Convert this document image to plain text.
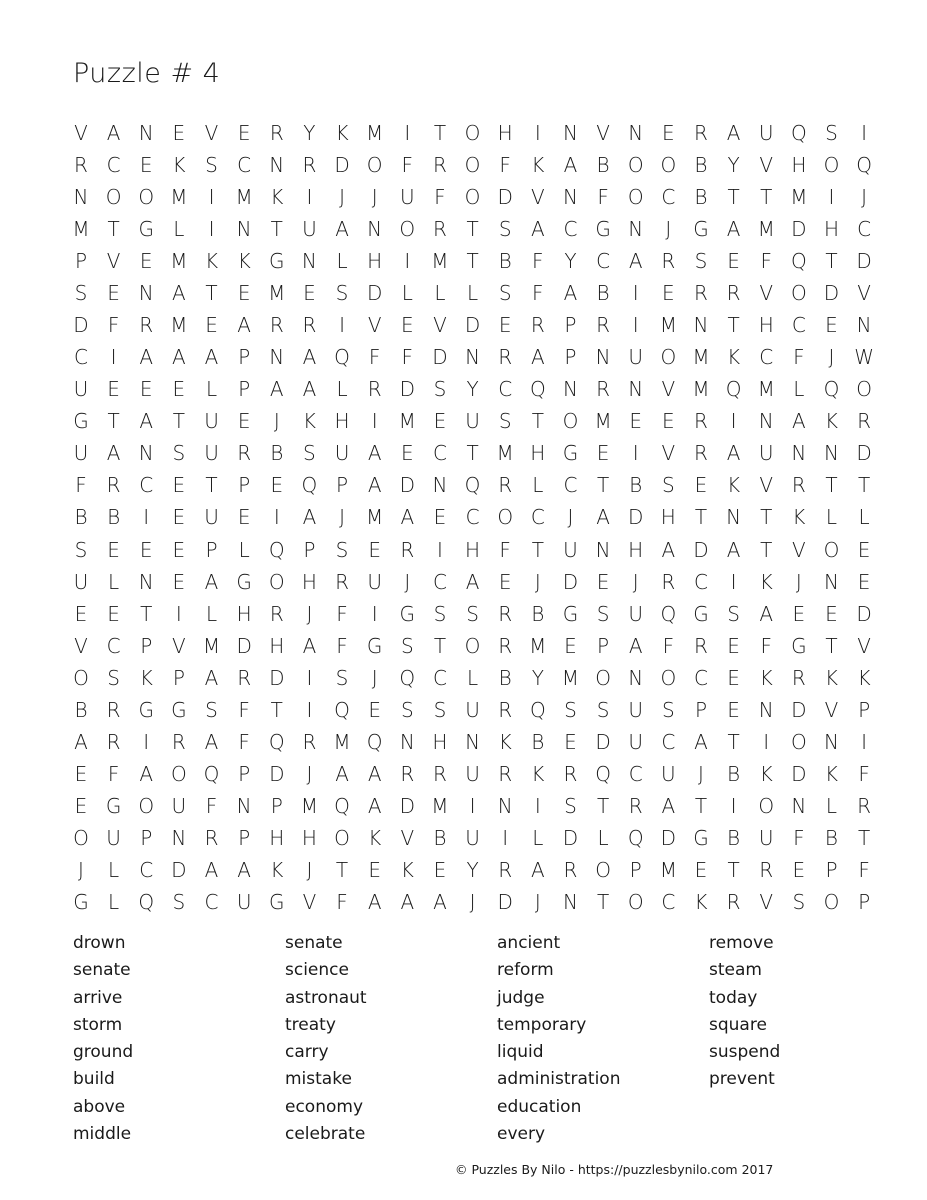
Puzzle # 4
V A N E V E R Y K M	I	T O H	I	N V N E R A U Q S	I
R C E K S C N R D O F R O F	K A B O O B Y V H O Q
N O O M	I	M K	I	J	J	U F O D V N F O C B T	T M	I	J
M T G L	I	N T U A N O R T	S A C G N	J	G A M D H C
P V E M K K G N L H	I	M T B	F	Y C A R S E	F Q T D
S E N A T	E M E S D L	L	L	S	F	A B	I	E R R V O D V
D F R M E A R R	I	V E V D E R P R	I	M N T H C E N
C	I	A A A P N A Q F	F D N R A P N U O M K C F	J W
U E E E	L	P A A	L	R D S	Y C Q N R N V M Q M L Q O
G T A T U E	J	K H	I	M E U S	T O M E E R	I	N A K R
U A N S U R B S U A E C T M H G E	I	V R A U N N D
F R C E	T	P	E Q P A D N Q R	L	C T B S E K V R T	T
B B	I	E U E	I	A	J	M A E C O C	J	A D H T N T K	L	L
S E E E	P	L Q P	S E R	I	H F	T U N H A D A T V O E
U L N E A G O H R U	J	C A E	J	D E	J	R C	I	K	J	N E
E E	T	I	L H R	J	F	I	G S S R B G S U Q G S A E E D
V C P V M D H A	F G S	T O R M E	P A	F R E	F G T V
O S K	P A R D	I	S	J	Q C	L	B Y M O N O C E K R K K
B R G G S	F	T	I	Q E S S U R Q S S U S	P	E N D V P
A R	I	R A	F Q R M Q N H N K B E D U C A T	I	O N	I
E	F	A O Q P D	J	A A R R U R K R Q C U	J	B K D K	F
E G O U F N P M Q A D M	I	N	I	S	T R A T	I	O N L	R
O U P N R P H H O K V B U	I	L D L Q D G B U F	B T
J	L	C D A A K	J	T	E K E	Y R A R O P M E	T R E	P	F
G L Q S C U G V	F	A A A	J	D	J	N T O C K R V S O P
drown
senate
arrive
storm
ground
build
above
middle
senate
science
astronaut
treaty
carry
mistake
economy
celebrate
ancient
reform
judge
temporary
liquid
administration
education
every
remove
steam
today
square
suspend
prevent
© Puzzles By Nilo - https://puzzlesbynilo.com 2017
